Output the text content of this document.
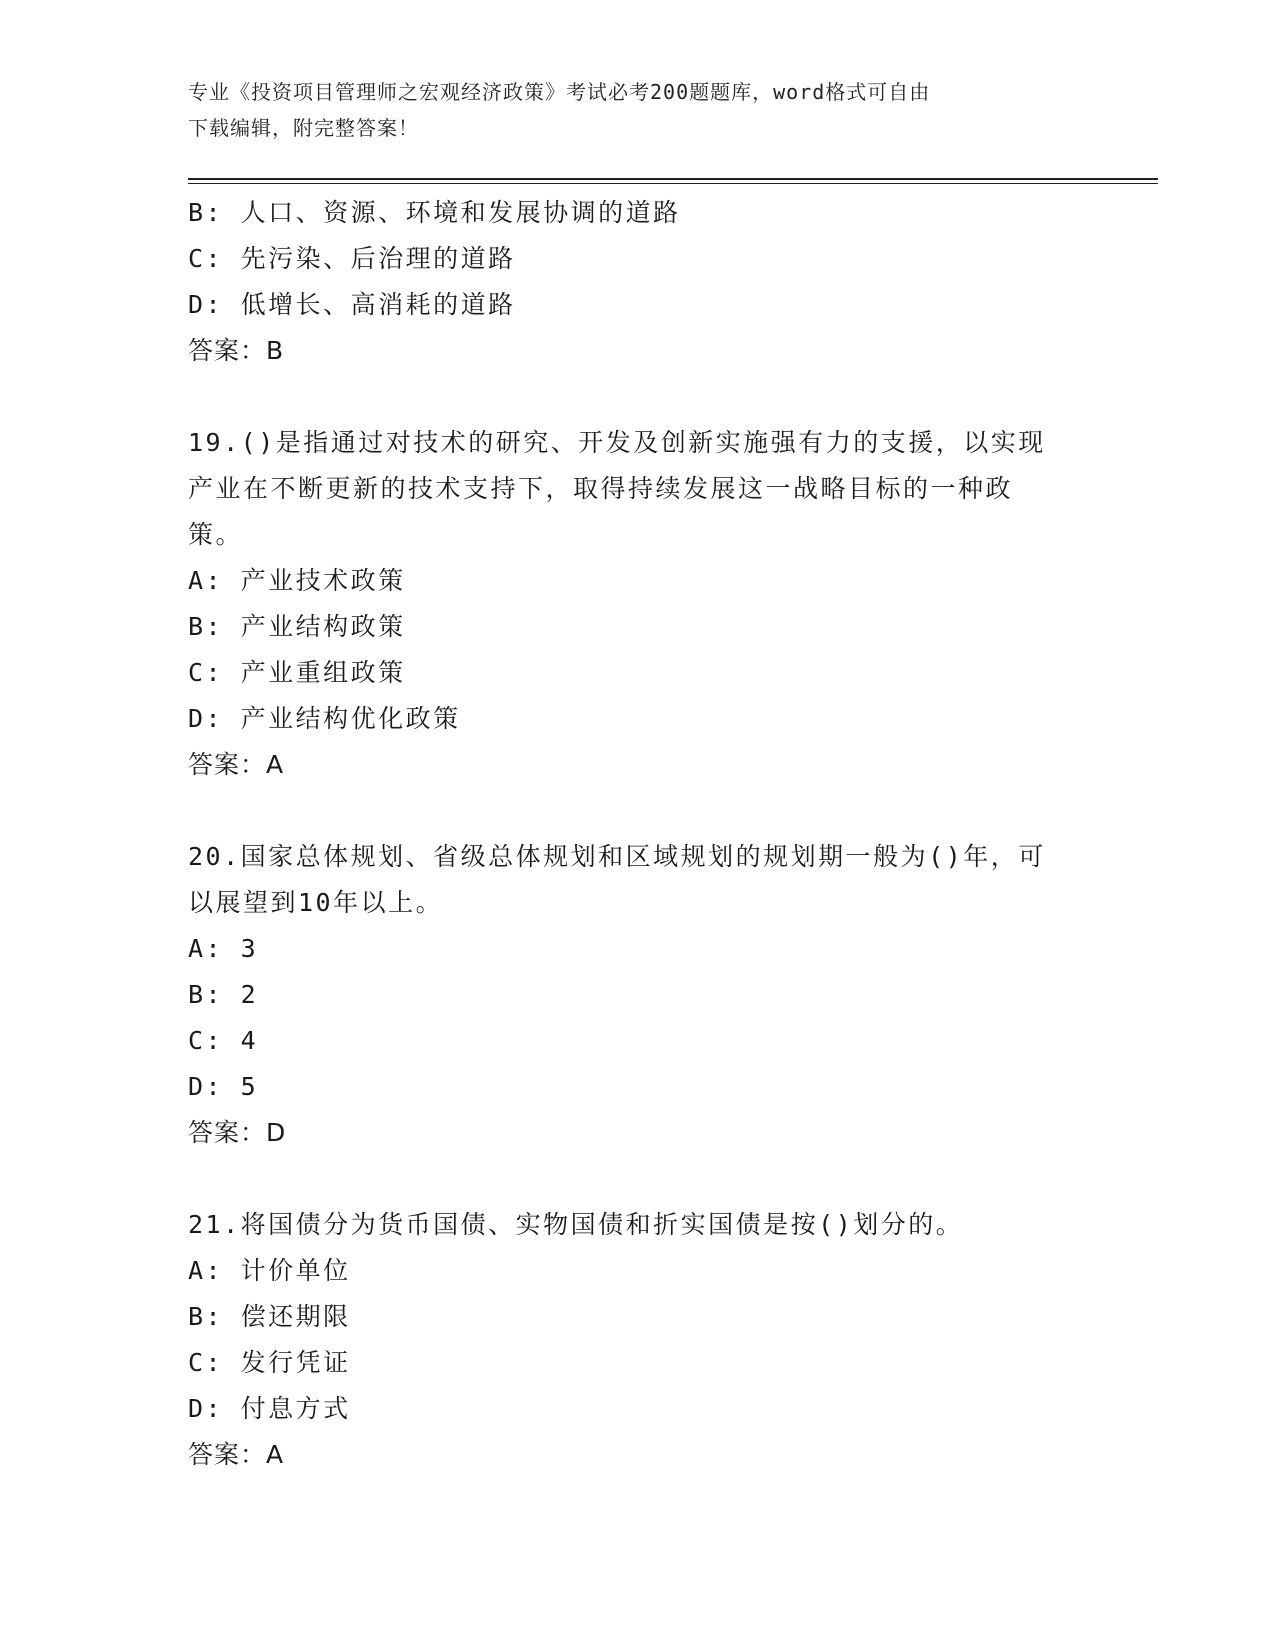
专业《投资项目管理师之宏观经济政策》考试必考200题题库，word格式可自由
下载编辑，附完整答案！
B: 人口、资源、环境和发展协调的道路
C: 先污染、后治理的道路
D: 低增长、高消耗的道路
答案：B
19.()是指通过对技术的研究、开发及创新实施强有力的支援，以实现
产业在不断更新的技术支持下，取得持续发展这一战略目标的一种政
策。
A: 产业技术政策
B: 产业结构政策
C: 产业重组政策
D: 产业结构优化政策
答案：A
20.国家总体规划、省级总体规划和区域规划的规划期一般为()年，可
以展望到10年以上。
A: 3
B: 2
C: 4
D: 5
答案：D
21.将国债分为货币国债、实物国债和折实国债是按()划分的。
A: 计价单位
B: 偿还期限
C: 发行凭证
D: 付息方式
答案：A
